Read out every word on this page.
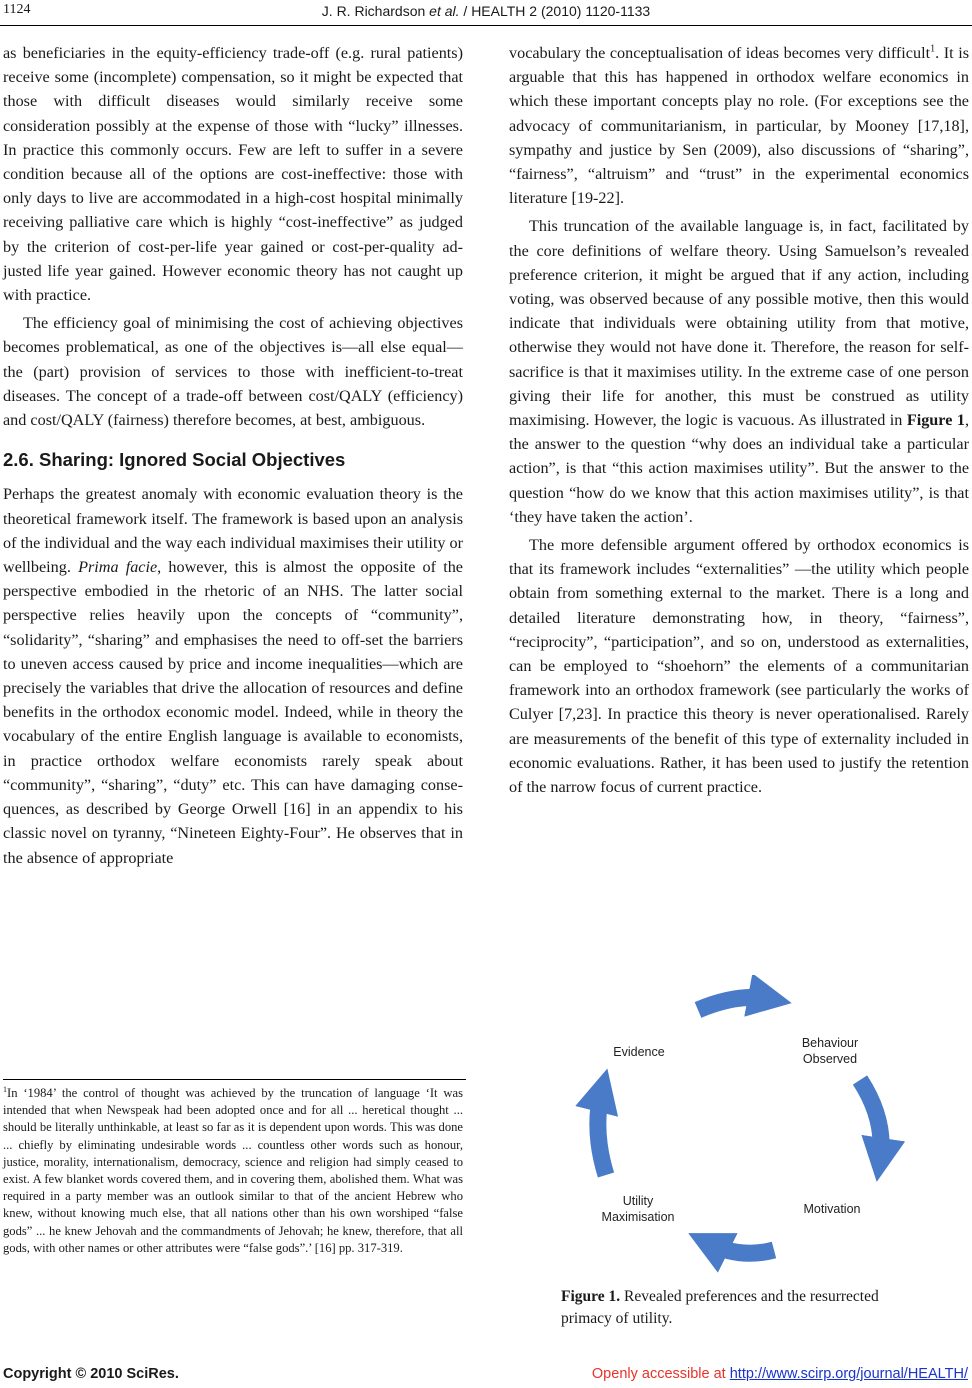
1124	J. R. Richardson et al. / HEALTH 2 (2010) 1120-1133

as beneficiaries in the equity-efficiency trade-off (e.g. rural patients) receive some (incomplete) compensation, so it might be expected that those with difficult diseases would similarly receive some consideration possibly at the expense of those with “lucky” illnesses. In practice this commonly occurs. Few are left to suffer in a severe condition because all of the options are cost-ineffective: those with only days to live are accommodated in a high-cost hospital minimally receiving palliative care which is highly “cost-ineffective” as judged by the criterion of cost-per-life year gained or cost-per-quality adjusted life year gained. However economic theory has not caught up with practice.

The efficiency goal of minimising the cost of achieving objectives becomes problematical, as one of the objectives is—all else equal—the (part) provision of services to those with inefficient-to-treat diseases. The concept of a trade-off between cost/QALY (efficiency) and cost/QALY (fairness) therefore becomes, at best, ambiguous.

2.6. Sharing: Ignored Social Objectives

Perhaps the greatest anomaly with economic evaluation theory is the theoretical framework itself. The framework is based upon an analysis of the individual and the way each individual maximises their utility or wellbeing. Prima facie, however, this is almost the opposite of the perspective embodied in the rhetoric of an NHS. The latter social perspective relies heavily upon the concepts of “community”, “solidarity”, “sharing” and emphasises the need to off-set the barriers to uneven access caused by price and income inequalities—which are precisely the variables that drive the allocation of resources and define benefits in the orthodox economic model. Indeed, while in theory the vocabulary of the entire English language is available to economists, in practice orthodox welfare economists rarely speak about “community”, “sharing”, “duty” etc. This can have damaging consequences, as described by George Orwell [16] in an appendix to his classic novel on tyranny, “Nineteen Eighty-Four”. He observes that in the absence of appropriate

vocabulary the conceptualisation of ideas becomes very difficult$^1$. It is arguable that this has happened in orthodox welfare economics in which these important concepts play no role. (For exceptions see the advocacy of communitarianism, in particular, by Mooney [17,18], sympathy and justice by Sen (2009), also discussions of “sharing”, “fairness”, “altruism” and “trust” in the experimental economics literature [19-22].

This truncation of the available language is, in fact, facilitated by the core definitions of welfare theory. Using Samuelson’s revealed preference criterion, it might be argued that if any action, including voting, was observed because of any possible motive, then this would indicate that individuals were obtaining utility from that motive, otherwise they would not have done it. Therefore, the reason for self-sacrifice is that it maximises utility. In the extreme case of one person giving their life for another, this must be construed as utility maximising. However, the logic is vacuous. As illustrated in Figure 1, the answer to the question “why does an individual take a particular action”, is that “this action maximises utility”. But the answer to the question “how do we know that this action maximises utility”, is that ‘they have taken the action’.

The more defensible argument offered by orthodox economics is that its framework includes “externalities” —the utility which people obtain from something external to the market. There is a long and detailed literature demonstrating how, in theory, “fairness”, “reciprocity”, “participation”, and so on, understood as externalities, can be employed to “shoehorn” the elements of a communitarian framework into an orthodox framework (see particularly the works of Culyer [7,23]. In practice this theory is never operationalised. Rarely are measurements of the benefit of this type of externality included in economic evaluations. Rather, it has been used to justify the retention of the narrow focus of current practice.

$^1$In ‘1984’ the control of thought was achieved by the truncation of language ‘It was intended that when Newspeak had been adopted once and for all ... heretical thought ... should be literally unthinkable, at least so far as it is dependent upon words. This was done ... chiefly by eliminating undesirable words ... countless other words such as honour, justice, morality, internationalism, democracy, science and religion had simply ceased to exist. A few blanket words covered them, and in covering them, abolished them. What was required in a party member was an outlook similar to that of the ancient Hebrew who knew, without knowing much else, that all nations other than his own worshiped “false gods” ... he knew Jehovah and the commandments of Jehovah; he knew, therefore, that all gods, with other names or other attributes were “false gods”.’ [16] pp. 317-319.
Evidence
Behaviour
Observed
Motivation
Utility
Maximisation
Figure 1. Revealed preferences and the resurrected primacy of utility.
Copyright © 2010 SciRes.	Openly accessible at http://www.scirp.org/journal/HEALTH/
